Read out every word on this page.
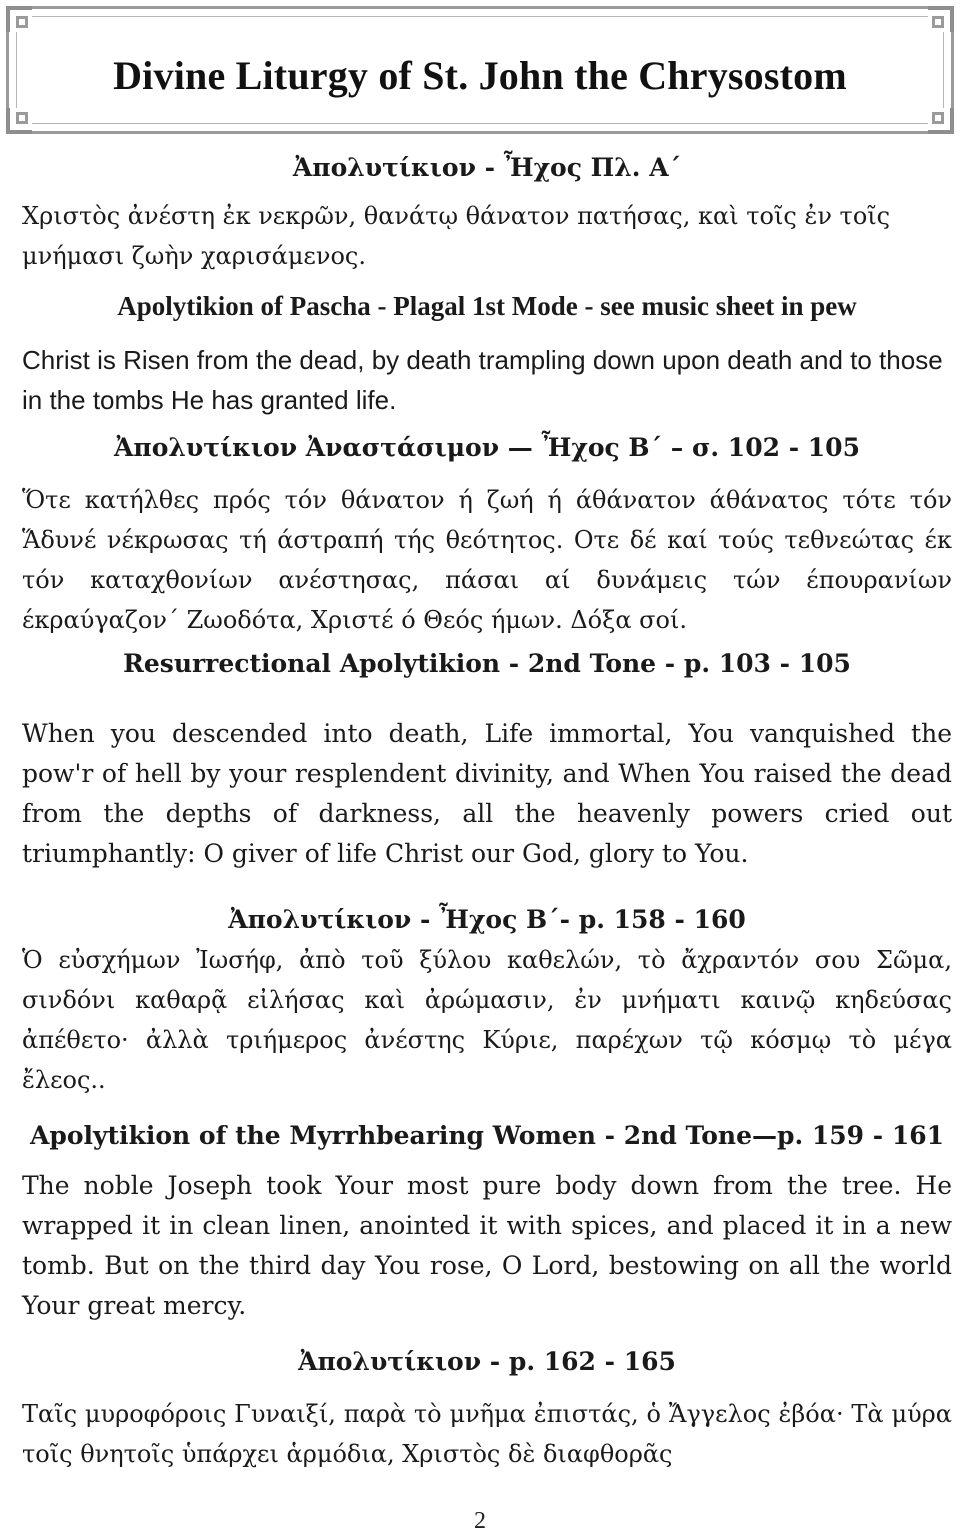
Divine Liturgy of St. John the Chrysostom
Ἀπολυτίκιον - Ἦχος Πλ. Α΄

Χριστὸς ἀνέστη ἐκ νεκρῶν, θανάτῳ θάνατον πατήσας, καὶ τοῖς ἐν τοῖς μνήμασι ζωὴν χαρισάμενος.

Apolytikion of Pascha - Plagal 1st Mode - see music sheet in pew

Christ is Risen from the dead, by death trampling down upon death and to those in the tombs He has granted life.

Ἀπολυτίκιον Ἀναστάσιμον — Ἦχος Β΄ – σ. 102 - 105

Ὅτε κατήλθες πρός τόν θάνατον ή ζωή ή άθάνατον άθάνατος τότε τόν Ἅδυνέ νέκρωσας τή άστραπή τής θεότητος. Οτε δέ καί τούς τεθνεώτας έκ τόν καταχθονίων ανέστησας, πάσαι αί δυνάμεις τών έπουρανίων έκραύγαζον΄ Ζωοδότα, Χριστέ ό Θεός ήμων. Δόξα σοί.

Resurrectional Apolytikion - 2nd Tone - p. 103 - 105

When you descended into death, Life immortal, You vanquished the pow'r of hell by your resplendent divinity, and When You raised the dead from the depths of darkness, all the heavenly powers cried out triumphantly: O giver of life Christ our God, glory to You.

Ἀπολυτίκιον - Ἦχος Β΄- p. 158 - 160

Ὁ εὐσχήμων Ἰωσήφ, ἀπὸ τοῦ ξύλου καθελών, τὸ ἄχραντόν σου Σῶμα, σινδόνι καθαρᾷ εἰλήσας καὶ ἀρώμασιν, ἐν μνήματι καινῷ κηδεύσας ἀπέθετο· ἀλλὰ τριήμερος ἀνέστης Κύριε, παρέχων τῷ κόσμῳ τὸ μέγα ἔλεος..

Apolytikion of the Myrrhbearing Women - 2nd Tone—p. 159 - 161

The noble Joseph took Your most pure body down from the tree. He wrapped it in clean linen, anointed it with spices, and placed it in a new tomb. But on the third day You rose, O Lord, bestowing on all the world Your great mercy.

Ἀπολυτίκιον - p. 162 - 165

Ταῖς μυροφόροις Γυναιξί, παρὰ τὸ μνῆμα ἐπιστάς, ὁ Ἄγγελος ἐβόα· Τὰ μύρα τοῖς θνητοῖς ὑπάρχει ἁρμόδια, Χριστὸς δὲ διαφθορᾶς

2
